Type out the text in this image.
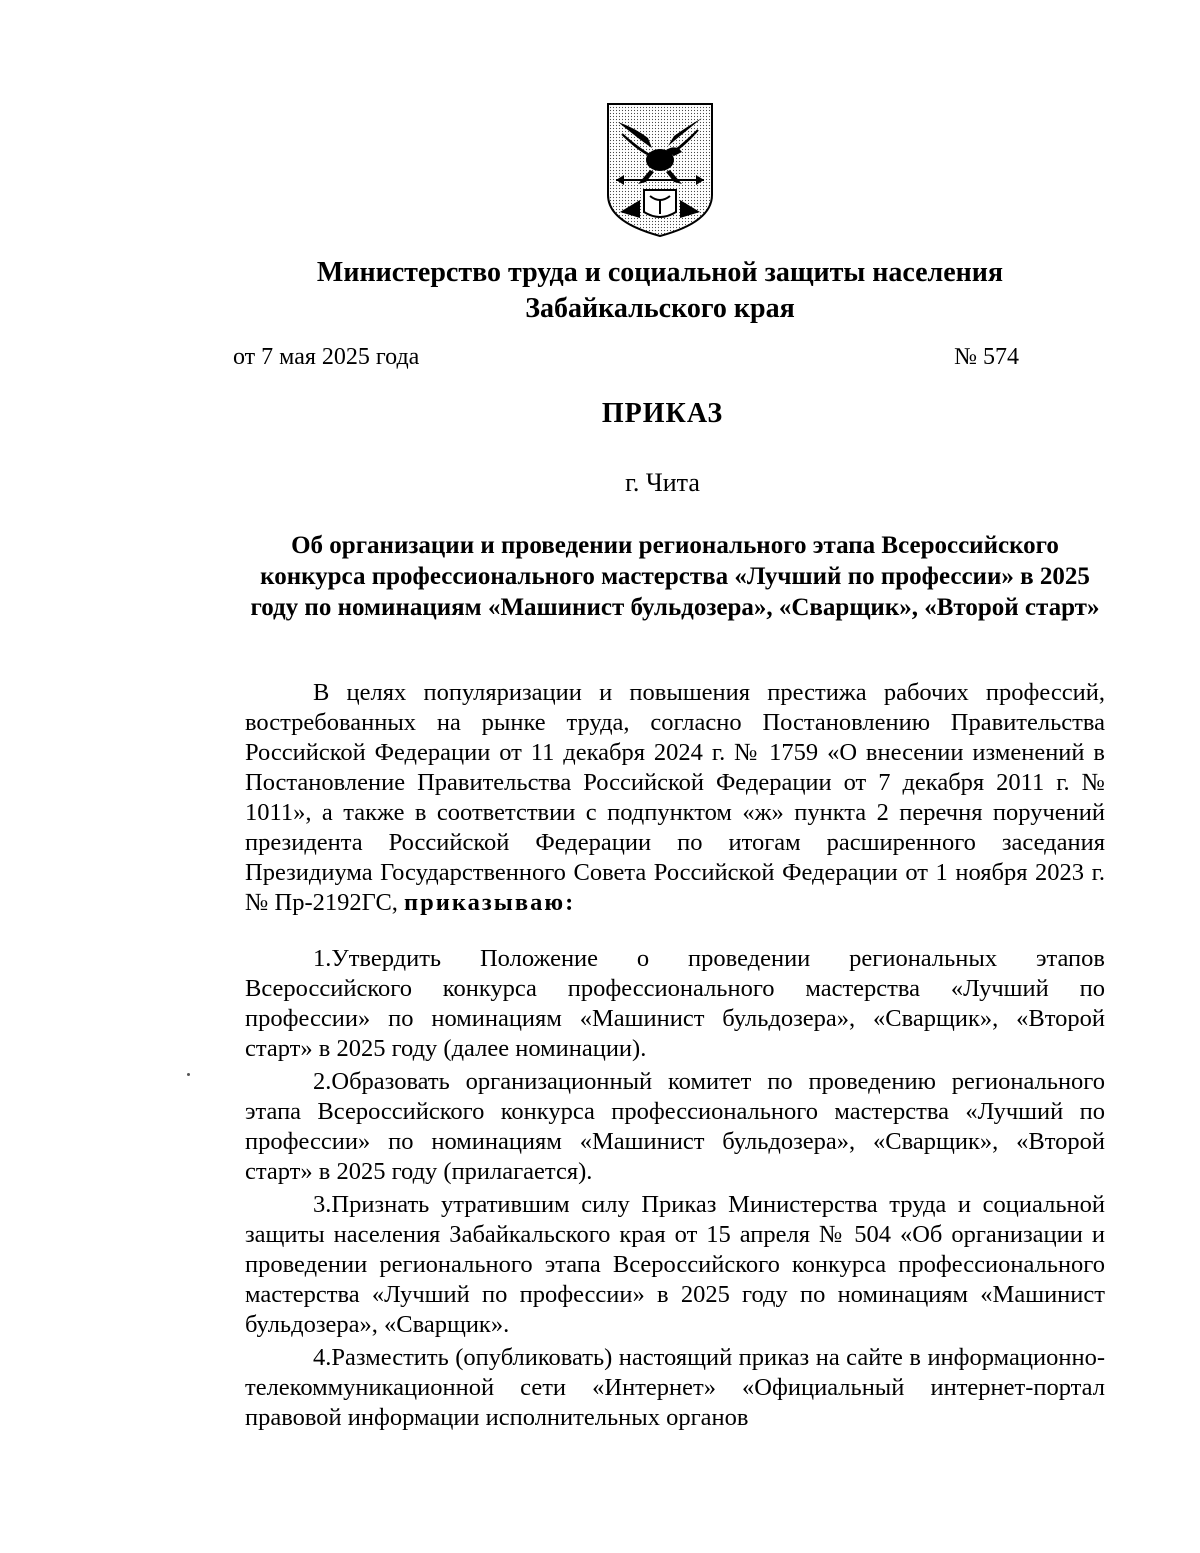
Министерство труда и социальной защиты населения
Забайкальского края
от 7 мая 2025 года	№ 574
ПРИКАЗ
г. Чита
Об организации и проведении регионального этапа Всероссийского конкурса профессионального мастерства «Лучший по профессии» в 2025 году по номинациям «Машинист бульдозера», «Сварщик», «Второй старт»

В целях популяризации и повышения престижа рабочих профессий, востребованных на рынке труда, согласно Постановлению Правительства Российской Федерации от 11 декабря 2024 г. № 1759 «О внесении изменений в Постановление Правительства Российской Федерации от 7 декабря 2011 г. № 1011», а также в соответствии с подпунктом «ж» пункта 2 перечня поручений президента Российской Федерации по итогам расширенного заседания Президиума Государственного Совета Российской Федерации от 1 ноября 2023 г. № Пр-2192ГС, приказываю:

1.Утвердить Положение о проведении региональных этапов Всероссийского конкурса профессионального мастерства «Лучший по профессии» по номинациям «Машинист бульдозера», «Сварщик», «Второй старт» в 2025 году (далее номинации).

2.Образовать организационный комитет по проведению регионального этапа Всероссийского конкурса профессионального мастерства «Лучший по профессии» по номинациям «Машинист бульдозера», «Сварщик», «Второй старт» в 2025 году (прилагается).

3.Признать утратившим силу Приказ Министерства труда и социальной защиты населения Забайкальского края от 15 апреля № 504 «Об организации и проведении регионального этапа Всероссийского конкурса профессионального мастерства «Лучший по профессии» в 2025 году по номинациям «Машинист бульдозера», «Сварщик».

4.Разместить (опубликовать) настоящий приказ на сайте в информационно-телекоммуникационной сети «Интернет» «Официальный интернет-портал правовой информации исполнительных органов
